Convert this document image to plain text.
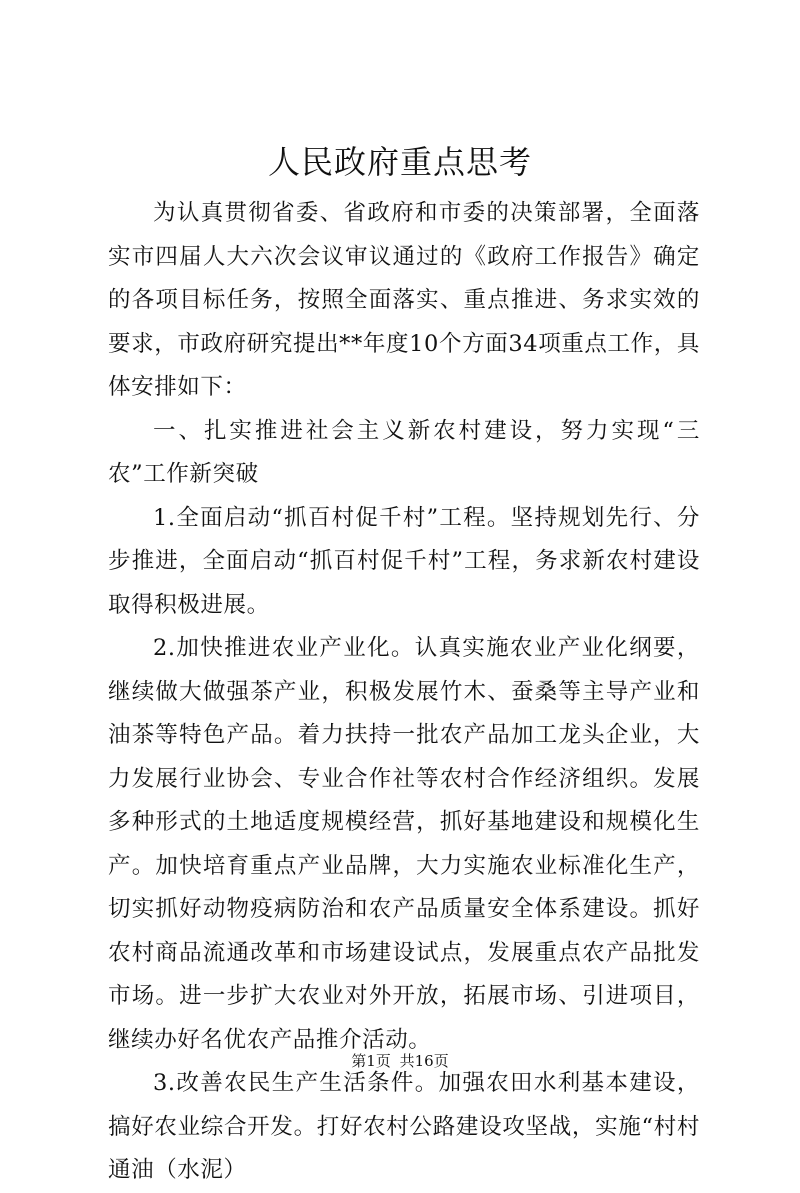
人民政府重点思考

为认真贯彻省委、省政府和市委的决策部署，全面落实市四届人大六次会议审议通过的《政府工作报告》确定的各项目标任务，按照全面落实、重点推进、务求实效的要求，市政府研究提出**年度10个方面34项重点工作，具体安排如下：

一、扎实推进社会主义新农村建设，努力实现“三农”工作新突破

1.全面启动“抓百村促千村”工程。坚持规划先行、分步推进，全面启动“抓百村促千村”工程，务求新农村建设取得积极进展。

2.加快推进农业产业化。认真实施农业产业化纲要，继续做大做强茶产业，积极发展竹木、蚕桑等主导产业和油茶等特色产品。着力扶持一批农产品加工龙头企业，大力发展行业协会、专业合作社等农村合作经济组织。发展多种形式的土地适度规模经营，抓好基地建设和规模化生产。加快培育重点产业品牌，大力实施农业标准化生产，切实抓好动物疫病防治和农产品质量安全体系建设。抓好农村商品流通改革和市场建设试点，发展重点农产品批发市场。进一步扩大农业对外开放，拓展市场、引进项目，继续办好名优农产品推介活动。

3.改善农民生产生活条件。加强农田水利基本建设，搞好农业综合开发。打好农村公路建设攻坚战，实施“村村通油（水泥）

第1页 共16页
